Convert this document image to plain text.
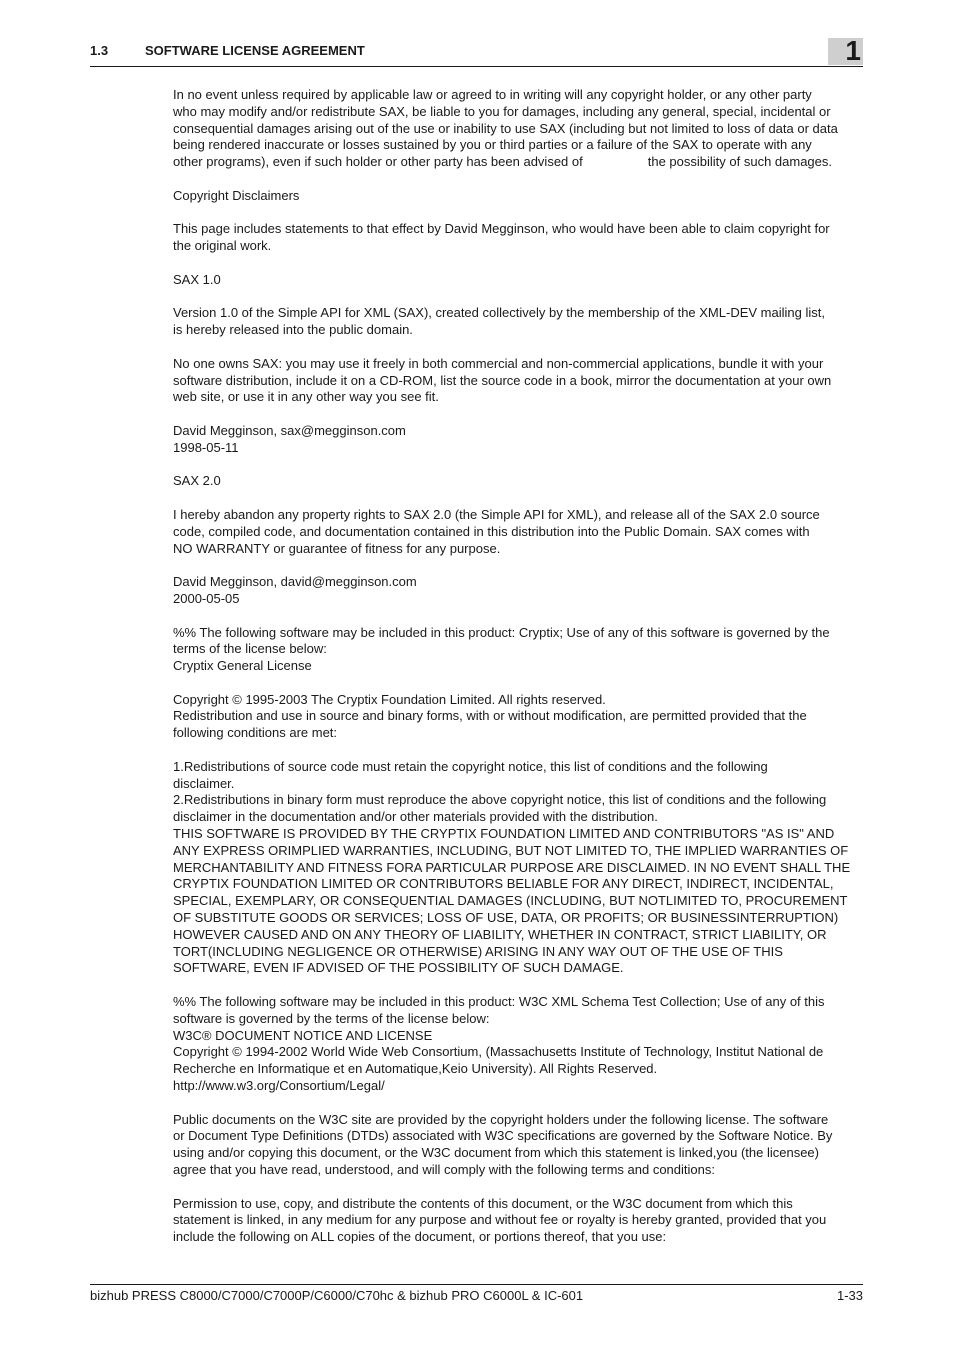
1.3	SOFTWARE LICENSE AGREEMENT	1

In no event unless required by applicable law or agreed to in writing will any copyright holder, or any other party
who may modify and/or redistribute SAX, be liable to you for damages, including any general, special, incidental or
consequential damages arising out of the use or inability to use SAX (including but not limited to loss of data or data
being rendered inaccurate or losses sustained by you or third parties or a failure of the SAX to operate with any
other programs), even if such holder or other party has been advised of                  the possibility of such damages.

Copyright Disclaimers

This page includes statements to that effect by David Megginson, who would have been able to claim copyright for
the original work.

SAX 1.0

Version 1.0 of the Simple API for XML (SAX), created collectively by the membership of the XML-DEV mailing list,
is hereby released into the public domain.

No one owns SAX: you may use it freely in both commercial and non-commercial applications, bundle it with your
software distribution, include it on a CD-ROM, list the source code in a book, mirror the documentation at your own
web site, or use it in any other way you see fit.

David Megginson, sax@megginson.com
1998-05-11

SAX 2.0

I hereby abandon any property rights to SAX 2.0 (the Simple API for XML), and release all of the SAX 2.0 source
code, compiled code, and documentation contained in this distribution into the Public Domain. SAX comes with
NO WARRANTY or guarantee of fitness for any purpose.

David Megginson, david@megginson.com
2000-05-05

%% The following software may be included in this product: Cryptix; Use of any of this software is governed by the
terms of the license below:
Cryptix General License

Copyright © 1995-2003 The Cryptix Foundation Limited. All rights reserved.
Redistribution and use in source and binary forms, with or without modification, are permitted provided that the
following conditions are met:

1.Redistributions of source code must retain the copyright notice, this list of conditions and the following
disclaimer.
2.Redistributions in binary form must reproduce the above copyright notice, this list of conditions and the following
disclaimer in the documentation and/or other materials provided with the distribution.
THIS SOFTWARE IS PROVIDED BY THE CRYPTIX FOUNDATION LIMITED AND CONTRIBUTORS "AS IS" AND
ANY EXPRESS ORIMPLIED WARRANTIES, INCLUDING, BUT NOT LIMITED TO, THE IMPLIED WARRANTIES OF
MERCHANTABILITY AND FITNESS FORA PARTICULAR PURPOSE ARE DISCLAIMED. IN NO EVENT SHALL THE
CRYPTIX FOUNDATION LIMITED OR CONTRIBUTORS BELIABLE FOR ANY DIRECT, INDIRECT, INCIDENTAL,
SPECIAL, EXEMPLARY, OR CONSEQUENTIAL DAMAGES (INCLUDING, BUT NOTLIMITED TO, PROCUREMENT
OF SUBSTITUTE GOODS OR SERVICES; LOSS OF USE, DATA, OR PROFITS; OR BUSINESSINTERRUPTION)
HOWEVER CAUSED AND ON ANY THEORY OF LIABILITY, WHETHER IN CONTRACT, STRICT LIABILITY, OR
TORT(INCLUDING NEGLIGENCE OR OTHERWISE) ARISING IN ANY WAY OUT OF THE USE OF THIS
SOFTWARE, EVEN IF ADVISED OF THE POSSIBILITY OF SUCH DAMAGE.

%% The following software may be included in this product: W3C XML Schema Test Collection; Use of any of this
software is governed by the terms of the license below:
W3C® DOCUMENT NOTICE AND LICENSE
Copyright © 1994-2002 World Wide Web Consortium, (Massachusetts Institute of Technology, Institut National de
Recherche en Informatique et en Automatique,Keio University). All Rights Reserved.
http://www.w3.org/Consortium/Legal/

Public documents on the W3C site are provided by the copyright holders under the following license. The software
or Document Type Definitions (DTDs) associated with W3C specifications are governed by the Software Notice. By
using and/or copying this document, or the W3C document from which this statement is linked,you (the licensee)
agree that you have read, understood, and will comply with the following terms and conditions:

Permission to use, copy, and distribute the contents of this document, or the W3C document from which this
statement is linked, in any medium for any purpose and without fee or royalty is hereby granted, provided that you
include the following on ALL copies of the document, or portions thereof, that you use:

bizhub PRESS C8000/C7000/C7000P/C6000/C70hc & bizhub PRO C6000L & IC-601	1-33
